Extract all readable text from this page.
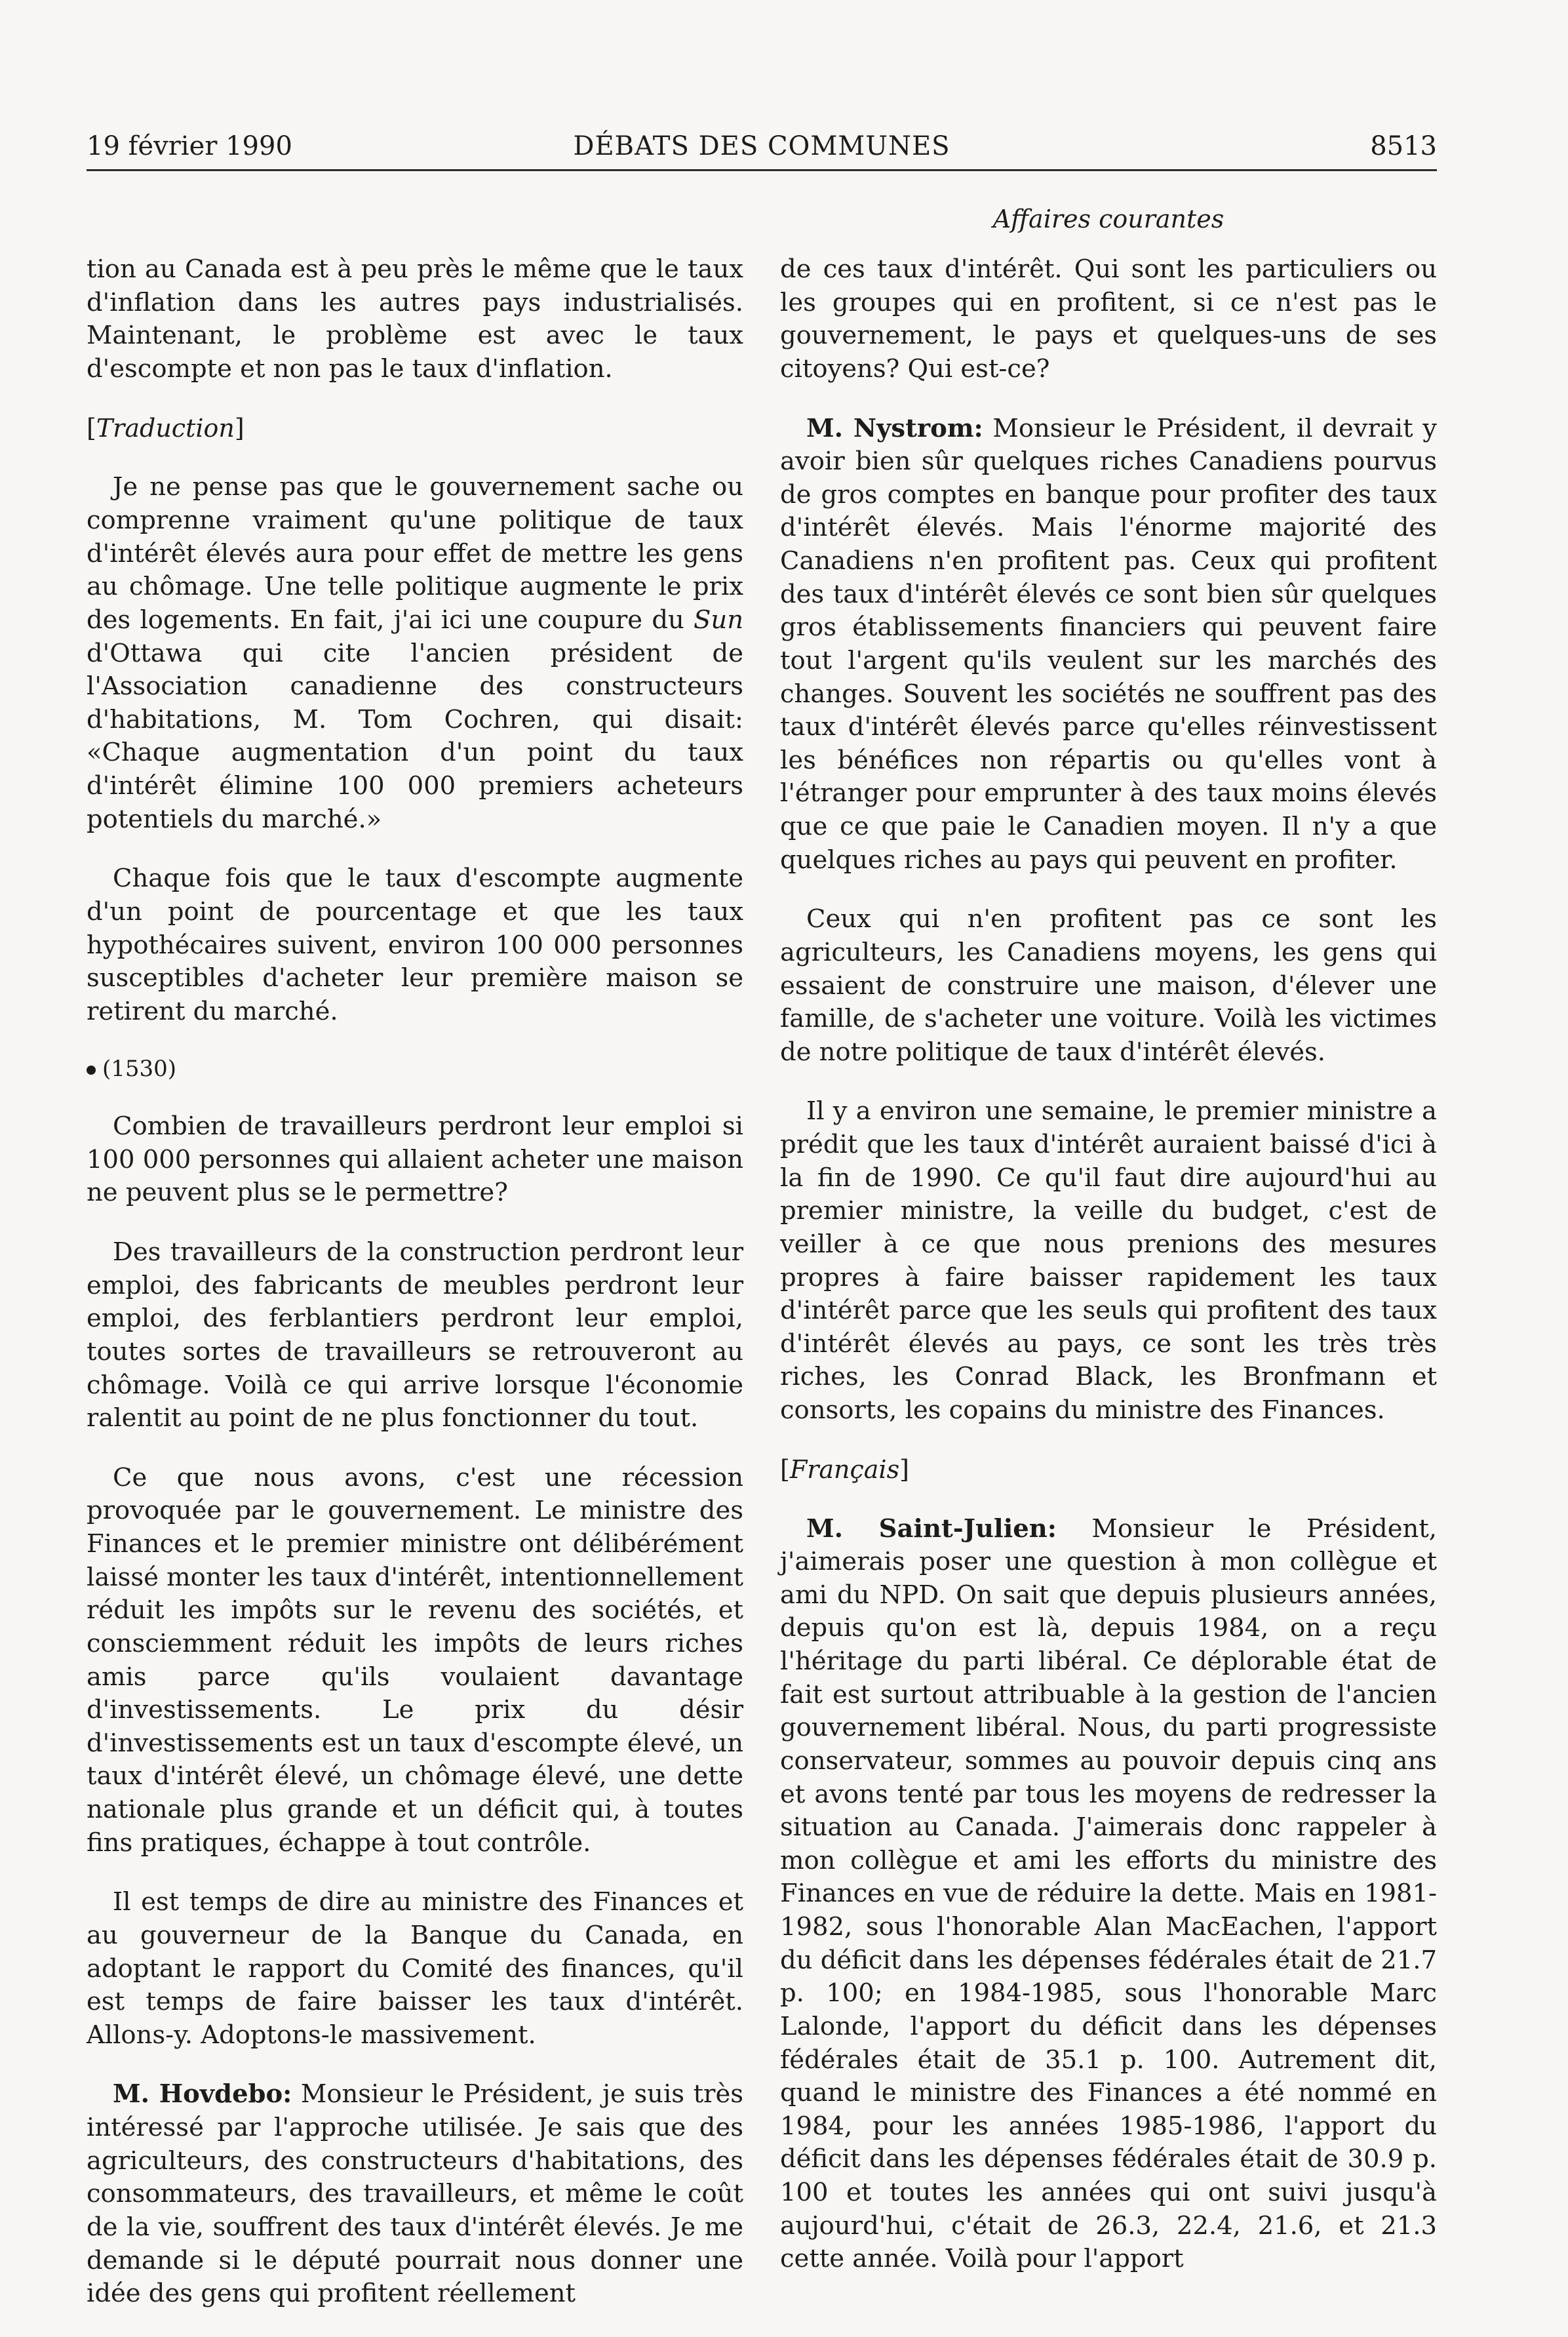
19 février 1990	DÉBATS DES COMMUNES	8513
Affaires courantes

tion au Canada est à peu près le même que le taux d'inflation dans les autres pays industrialisés. Maintenant, le problème est avec le taux d'escompte et non pas le taux d'inflation.

[Traduction]

Je ne pense pas que le gouvernement sache ou comprenne vraiment qu'une politique de taux d'intérêt élevés aura pour effet de mettre les gens au chômage. Une telle politique augmente le prix des logements. En fait, j'ai ici une coupure du Sun d'Ottawa qui cite l'ancien président de l'Association canadienne des constructeurs d'habitations, M. Tom Cochren, qui disait: «Chaque augmentation d'un point du taux d'intérêt élimine 100 000 premiers acheteurs potentiels du marché.»

Chaque fois que le taux d'escompte augmente d'un point de pourcentage et que les taux hypothécaires suivent, environ 100 000 personnes susceptibles d'acheter leur première maison se retirent du marché.

(1530)

Combien de travailleurs perdront leur emploi si 100 000 personnes qui allaient acheter une maison ne peuvent plus se le permettre?

Des travailleurs de la construction perdront leur emploi, des fabricants de meubles perdront leur emploi, des ferblantiers perdront leur emploi, toutes sortes de travailleurs se retrouveront au chômage. Voilà ce qui arrive lorsque l'économie ralentit au point de ne plus fonctionner du tout.

Ce que nous avons, c'est une récession provoquée par le gouvernement. Le ministre des Finances et le premier ministre ont délibérément laissé monter les taux d'intérêt, intentionnellement réduit les impôts sur le revenu des sociétés, et consciemment réduit les impôts de leurs riches amis parce qu'ils voulaient davantage d'investissements. Le prix du désir d'investissements est un taux d'escompte élevé, un taux d'intérêt élevé, un chômage élevé, une dette nationale plus grande et un déficit qui, à toutes fins pratiques, échappe à tout contrôle.

Il est temps de dire au ministre des Finances et au gouverneur de la Banque du Canada, en adoptant le rapport du Comité des finances, qu'il est temps de faire baisser les taux d'intérêt. Allons-y. Adoptons-le massivement.

M. Hovdebo: Monsieur le Président, je suis très intéressé par l'approche utilisée. Je sais que des agriculteurs, des constructeurs d'habitations, des consommateurs, des travailleurs, et même le coût de la vie, souffrent des taux d'intérêt élevés. Je me demande si le député pourrait nous donner une idée des gens qui profitent réellement

de ces taux d'intérêt. Qui sont les particuliers ou les groupes qui en profitent, si ce n'est pas le gouvernement, le pays et quelques-uns de ses citoyens? Qui est-ce?

M. Nystrom: Monsieur le Président, il devrait y avoir bien sûr quelques riches Canadiens pourvus de gros comptes en banque pour profiter des taux d'intérêt élevés. Mais l'énorme majorité des Canadiens n'en profitent pas. Ceux qui profitent des taux d'intérêt élevés ce sont bien sûr quelques gros établissements financiers qui peuvent faire tout l'argent qu'ils veulent sur les marchés des changes. Souvent les sociétés ne souffrent pas des taux d'intérêt élevés parce qu'elles réinvestissent les bénéfices non répartis ou qu'elles vont à l'étranger pour emprunter à des taux moins élevés que ce que paie le Canadien moyen. Il n'y a que quelques riches au pays qui peuvent en profiter.

Ceux qui n'en profitent pas ce sont les agriculteurs, les Canadiens moyens, les gens qui essaient de construire une maison, d'élever une famille, de s'acheter une voiture. Voilà les victimes de notre politique de taux d'intérêt élevés.

Il y a environ une semaine, le premier ministre a prédit que les taux d'intérêt auraient baissé d'ici à la fin de 1990. Ce qu'il faut dire aujourd'hui au premier ministre, la veille du budget, c'est de veiller à ce que nous prenions des mesures propres à faire baisser rapidement les taux d'intérêt parce que les seuls qui profitent des taux d'intérêt élevés au pays, ce sont les très très riches, les Conrad Black, les Bronfmann et consorts, les copains du ministre des Finances.

[Français]

M. Saint-Julien: Monsieur le Président, j'aimerais poser une question à mon collègue et ami du NPD. On sait que depuis plusieurs années, depuis qu'on est là, depuis 1984, on a reçu l'héritage du parti libéral. Ce déplorable état de fait est surtout attribuable à la gestion de l'ancien gouvernement libéral. Nous, du parti progressiste conservateur, sommes au pouvoir depuis cinq ans et avons tenté par tous les moyens de redresser la situation au Canada. J'aimerais donc rappeler à mon collègue et ami les efforts du ministre des Finances en vue de réduire la dette. Mais en 1981-1982, sous l'honorable Alan MacEachen, l'apport du déficit dans les dépenses fédérales était de 21.7 p. 100; en 1984-1985, sous l'honorable Marc Lalonde, l'apport du déficit dans les dépenses fédérales était de 35.1 p. 100. Autrement dit, quand le ministre des Finances a été nommé en 1984, pour les années 1985-1986, l'apport du déficit dans les dépenses fédérales était de 30.9 p. 100 et toutes les années qui ont suivi jusqu'à aujourd'hui, c'était de 26.3, 22.4, 21.6, et 21.3 cette année. Voilà pour l'apport
